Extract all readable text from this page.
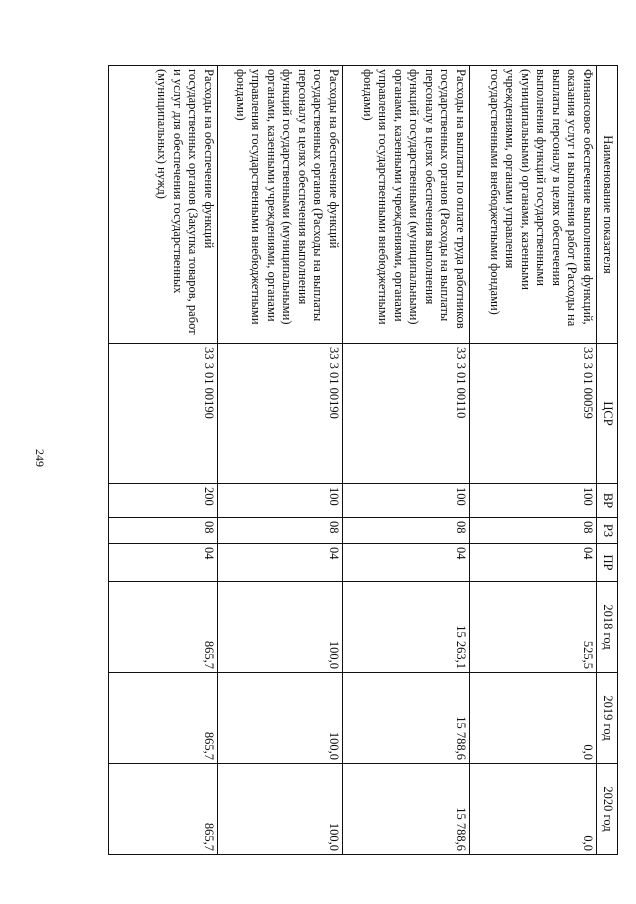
249
Наименование показателя	ЦСР	ВР	РЗ	ПР	2018 год	2019 год	2020 год
Финансовое обеспечение выполнения функций, оказания услуг и выполнения работ (Расходы на выплаты персоналу в целях обеспечения выполнения функций государственными (муниципальными) органами, казенными учреждениями, органами управления государственными внебюджетными фондами)	33 3 01 00059	100	08	04	525,5	0,0	0,0
Расходы на выплаты по оплате труда работников государственных органов (Расходы на выплаты персоналу в целях обеспечения выполнения функций государственными (муниципальными) органами, казенными учреждениями, органами управления государственными внебюджетными фондами)	33 3 01 00110	100	08	04	15 263,1	15 788,6	15 788,6
Расходы на обеспечение функций государственных органов (Расходы на выплаты персоналу в целях обеспечения выполнения функций государственными (муниципальными) органами, казенными учреждениями, органами управления государственными внебюджетными фондами)	33 3 01 00190	100	08	04	100,0	100,0	100,0
Расходы на обеспечение функций государственных органов (Закупка товаров, работ и услуг для обеспечения государственных (муниципальных) нужд)	33 3 01 00190	200	08	04	865,7	865,7	865,7
